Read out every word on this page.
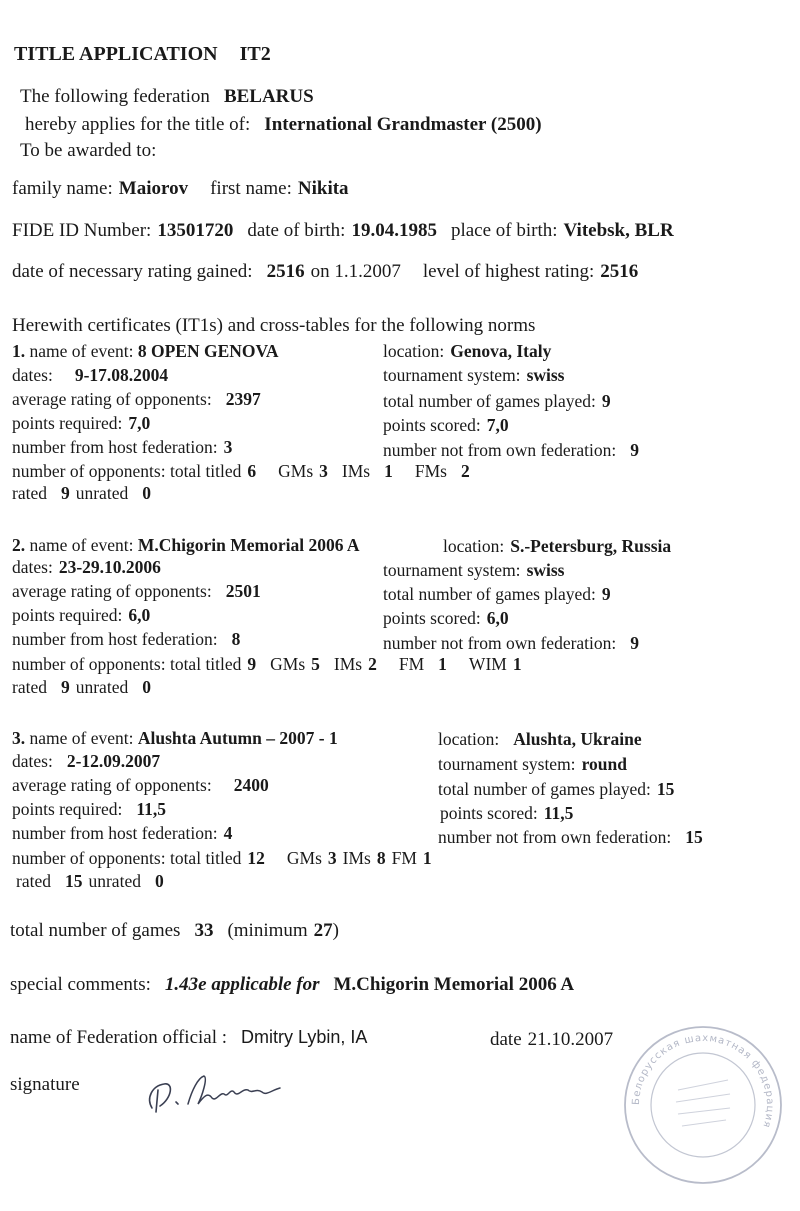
TITLE APPLICATION IT2
The following federation BELARUS
hereby applies for the title of: International Grandmaster (2500)
To be awarded to:
family name: Maiorov first name: Nikita
FIDE ID Number: 13501720 date of birth: 19.04.1985 place of birth: Vitebsk, BLR
date of necessary rating gained: 2516 on 1.1.2007 level of highest rating: 2516
Herewith certificates (IT1s) and cross-tables for the following norms
1. name of event: 8 OPEN GENOVA	location: Genova, Italy
dates: 9-17.08.2004	tournament system: swiss
average rating of opponents: 2397	total number of games played: 9
points required: 7,0	points scored: 7,0
number from host federation: 3	number not from own federation: 9
number of opponents: total titled 6 GMs 3 IMs 1 FMs 2
rated 9 unrated 0
2. name of event: M.Chigorin Memorial 2006 A	location: S.-Petersburg, Russia
dates: 23-29.10.2006	tournament system: swiss
average rating of opponents: 2501	total number of games played: 9
points required: 6,0	points scored: 6,0
number from host federation: 8	number not from own federation: 9
number of opponents: total titled 9 GMs 5 IMs 2 FM 1 WIM 1
rated 9 unrated 0
3. name of event: Alushta Autumn – 2007 - 1	location: Alushta, Ukraine
dates: 2-12.09.2007	tournament system: round
average rating of opponents: 2400	total number of games played: 15
points required: 11,5	points scored: 11,5
number from host federation: 4	number not from own federation: 15
number of opponents: total titled 12 GMs 3 IMs 8 FM 1
rated 15 unrated 0
total number of games 33 (minimum 27)
special comments: 1.43e applicable for M.Chigorin Memorial 2006 A
name of Federation official : Dmitry Lybin, IA	date 21.10.2007
signature
Белорусская шахматная федерация
